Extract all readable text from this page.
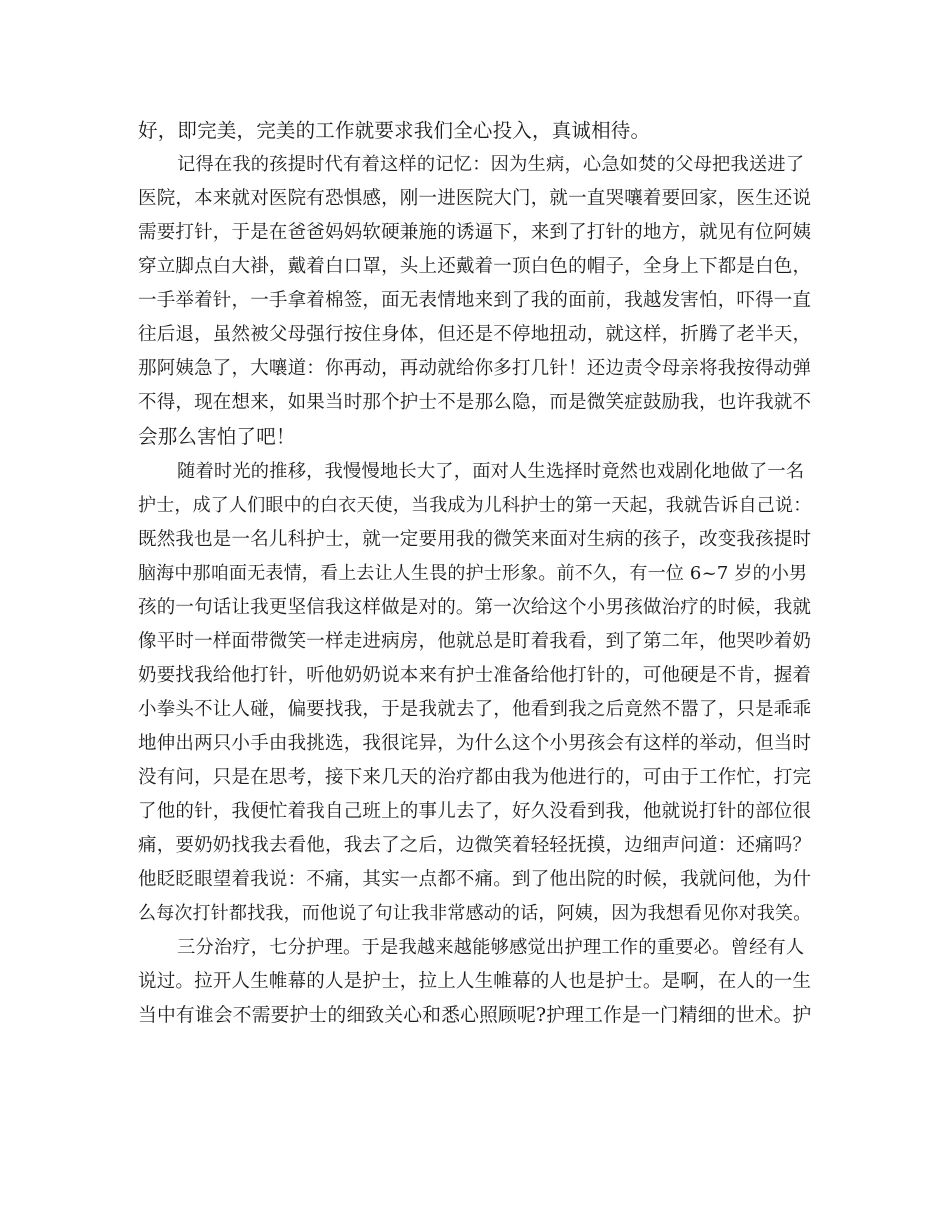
好，即完美，完美的工作就要求我们全心投入，真诚相待。
记得在我的孩提时代有着这样的记忆：因为生病，心急如焚的父母把我送进了
医院，本来就对医院有恐惧感，刚一进医院大门，就一直哭嚷着要回家，医生还说
需要打针，于是在爸爸妈妈软硬兼施的诱逼下，来到了打针的地方，就见有位阿姨
穿立脚点白大褂，戴着白口罩，头上还戴着一顶白色的帽子，全身上下都是白色，
一手举着针，一手拿着棉签，面无表情地来到了我的面前，我越发害怕，吓得一直
往后退，虽然被父母强行按住身体，但还是不停地扭动，就这样，折腾了老半天，
那阿姨急了，大嚷道：你再动，再动就给你多打几针！还边责令母亲将我按得动弹
不得，现在想来，如果当时那个护士不是那么隐，而是微笑症鼓励我，也许我就不
会那么害怕了吧！
随着时光的推移，我慢慢地长大了，面对人生选择时竟然也戏剧化地做了一名
护士，成了人们眼中的白衣天使，当我成为儿科护士的第一天起，我就告诉自己说：
既然我也是一名儿科护士，就一定要用我的微笑来面对生病的孩子，改变我孩提时
脑海中那咱面无表情，看上去让人生畏的护士形象。前不久，有一位 6~7 岁的小男
孩的一句话让我更坚信我这样做是对的。第一次给这个小男孩做治疗的时候，我就
像平时一样面带微笑一样走进病房，他就总是盯着我看，到了第二年，他哭吵着奶
奶要找我给他打针，听他奶奶说本来有护士准备给他打针的，可他硬是不肯，握着
小拳头不让人碰，偏要找我，于是我就去了，他看到我之后竟然不嚣了，只是乖乖
地伸出两只小手由我挑选，我很诧异，为什么这个小男孩会有这样的举动，但当时
没有问，只是在思考，接下来几天的治疗都由我为他进行的，可由于工作忙，打完
了他的针，我便忙着我自己班上的事儿去了，好久没看到我，他就说打针的部位很
痛，要奶奶找我去看他，我去了之后，边微笑着轻轻抚摸，边细声问道：还痛吗？
他眨眨眼望着我说：不痛，其实一点都不痛。到了他出院的时候，我就问他，为什
么每次打针都找我，而他说了句让我非常感动的话，阿姨，因为我想看见你对我笑。
三分治疗，七分护理。于是我越来越能够感觉出护理工作的重要必。曾经有人
说过。拉开人生帷幕的人是护士，拉上人生帷幕的人也是护士。是啊，在人的一生
当中有谁会不需要护士的细致关心和悉心照顾呢?护理工作是一门精细的世术。护
